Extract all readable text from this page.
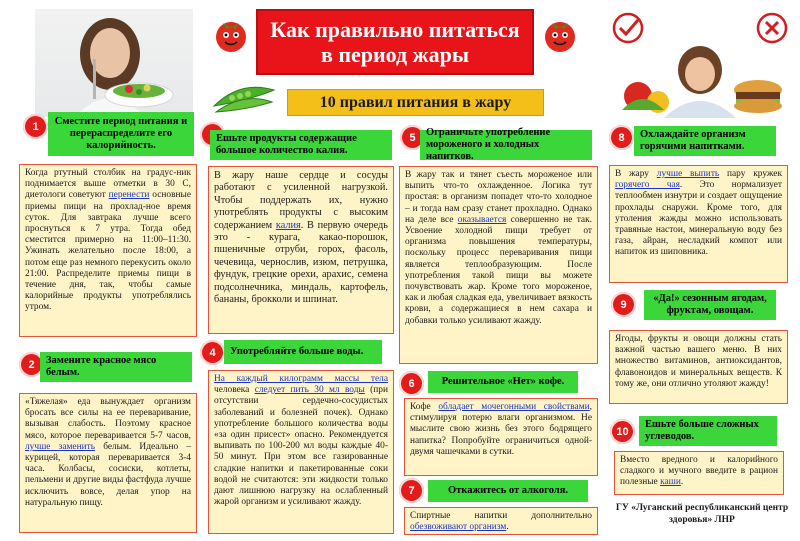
Как правильно питаться в период жары
10 правил питания в жару
1	Сместите период питания и перераспределите его калорийность.
Когда ртутный столбик на градус-ник поднимается выше отметки в 30 С, диетологи советуют перенести основные приемы пищи на прохлад-ное время суток. Для завтрака лучше всего проснуться к 7 утра. Тогда обед сместится примерно на 11:00–11:30. Ужинать желательно после 18:00, а потом еще раз немного перекусить около 21:00. Распределите приемы пищи в течение дня, так, чтобы самые калорийные продукты употреблялись утром.
2	Замените красное мясо белым.
«Тяжелая» еда вынуждает организм бросать все силы на ее переваривание, вызывая слабость. Поэтому красное мясо, которое переваривается 5-7 часов, лучше заменить белым. Идеально – курицей, которая переваривается 3-4 часа. Колбасы, сосиски, котлеты, пельмени и другие виды фастфуда лучше исключить вовсе, делая упор на натуральную пищу.
Ешьте продукты содержащие большое количество калия.
В жару наше сердце и сосуды работают с усиленной нагрузкой. Чтобы поддержать их, нужно употреблять продукты с высоким содержанием калия. В первую очередь это - курага, какао-порошок, пшеничные отруби, горох, фасоль, чечевица, чернослив, изюм, петрушка, фундук, грецкие орехи, арахис, семена подсолнечника, миндаль, картофель, бананы, брокколи и шпинат.
4	Употребляйте больше воды.
На каждый килограмм массы тела человека следует пить 30 мл воды (при отсутствии сердечно-сосудистых заболеваний и болезней почек). Однако употребление большого количества воды «за один присест» опасно. Рекомендуется выпивать по 100-200 мл воды каждые 40-50 минут. При этом все газированные сладкие напитки и пакетированные соки водой не считаются: эти жидкости только дают лишнюю нагрузку на ослабленный жарой организм и усиливают жажду.
5 Ограничьте употребление мороженого и холодных напитков.
В жару так и тянет съесть мороженое или выпить что-то охлажденное. Логика тут простая: в организм попадет что-то холодное – и тогда нам сразу станет прохладно. Однако на деле все оказывается совершенно не так. Усвоение холодной пищи требует от организма повышения температуры, поскольку процесс переваривания пищи является теплообразующим. После употребления такой пищи вы можете почувствовать жар. Кроме того мороженое, как и любая сладкая еда, увеличивает вязкость крови, а содержащиеся в нем сахара и добавки только усиливают жажду.
6	Решительное «Нет» кофе.
Кофе обладает мочегонными свойствами, стимулируя потерю влаги организмом. Не мыслите свою жизнь без этого бодрящего напитка? Попробуйте ограничиться одной-двумя чашечками в сутки.
7	Откажитесь от алкоголя.
Спиртные напитки дополнительно обезвоживают организм.
8	Охлаждайте организм горячими напитками.
В жару лучше выпить пару кружек горячего чая. Это нормализует теплообмен изнутри и создает ощущение прохлады снаружи. Кроме того, для утоления жажды можно использовать травяные настои, минеральную воду без газа, айран, несладкий компот или напиток из шиповника.
9	«Да!» сезонным ягодам, фруктам, овощам.
Ягоды, фрукты и овощи должны стать важной частью вашего меню. В них множество витаминов, антиоксидантов, флавоноидов и минеральных веществ. К тому же, они отлично утоляют жажду!
10
Ешьте больше сложных углеводов.
Вместо вредного и калорийного сладкого и мучного введите в рацион полезные каши.
ГУ «Луганский республиканский центр здоровья» ЛНР
